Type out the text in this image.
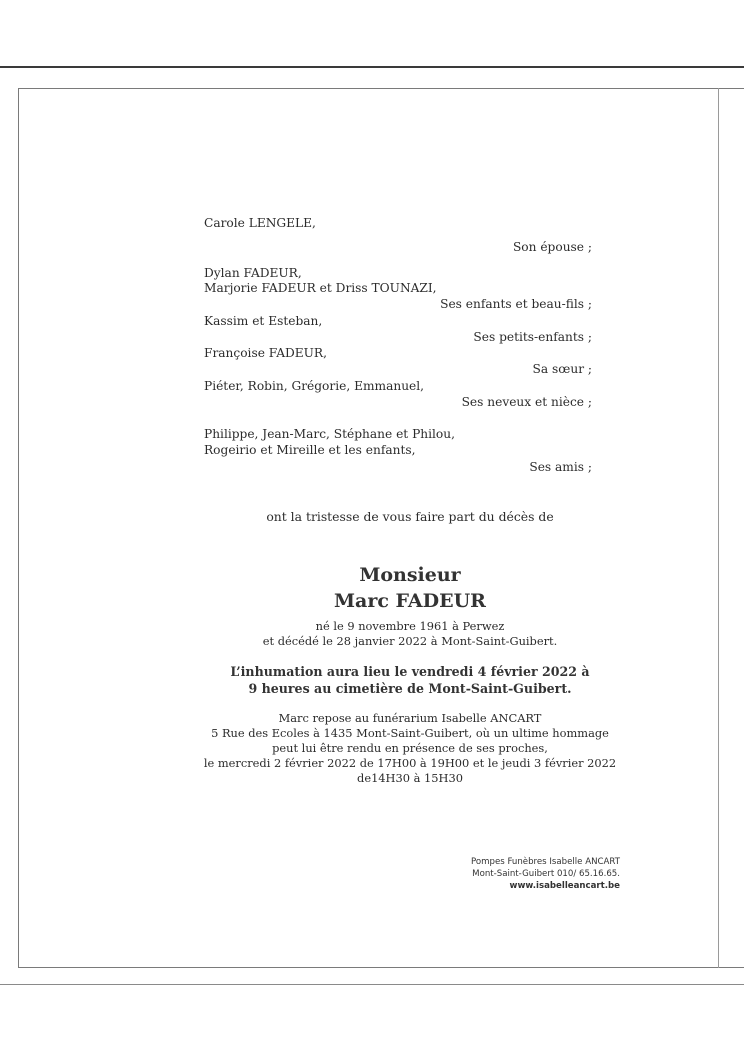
Carole LENGELE,
Son épouse ;
Dylan FADEUR,
Marjorie FADEUR et Driss TOUNAZI,
Ses enfants et beau-fils ;
Kassim et Esteban,
Ses petits-enfants ;
Françoise FADEUR,
Sa sœur ;
Piéter, Robin, Grégorie, Emmanuel,
Ses neveux et nièce ;
Philippe, Jean-Marc, Stéphane et Philou,
Rogeirio et Mireille et les enfants,
Ses amis ;
ont la tristesse de vous faire part du décès de
Monsieur
Marc FADEUR
né le 9 novembre 1961 à Perwez
et décédé le 28 janvier 2022 à Mont-Saint-Guibert.
L’inhumation aura lieu le vendredi 4 février 2022 à
9 heures au cimetière de Mont-Saint-Guibert.
Marc repose au funérarium Isabelle ANCART
5 Rue des Ecoles à 1435 Mont-Saint-Guibert, où un ultime hommage
peut lui être rendu en présence de ses proches,
le mercredi 2 février 2022 de 17H00 à 19H00 et le jeudi 3 février 2022
de14H30 à 15H30
Pompes Funèbres Isabelle ANCART
Mont-Saint-Guibert 010/ 65.16.65.
www.isabelleancart.be
